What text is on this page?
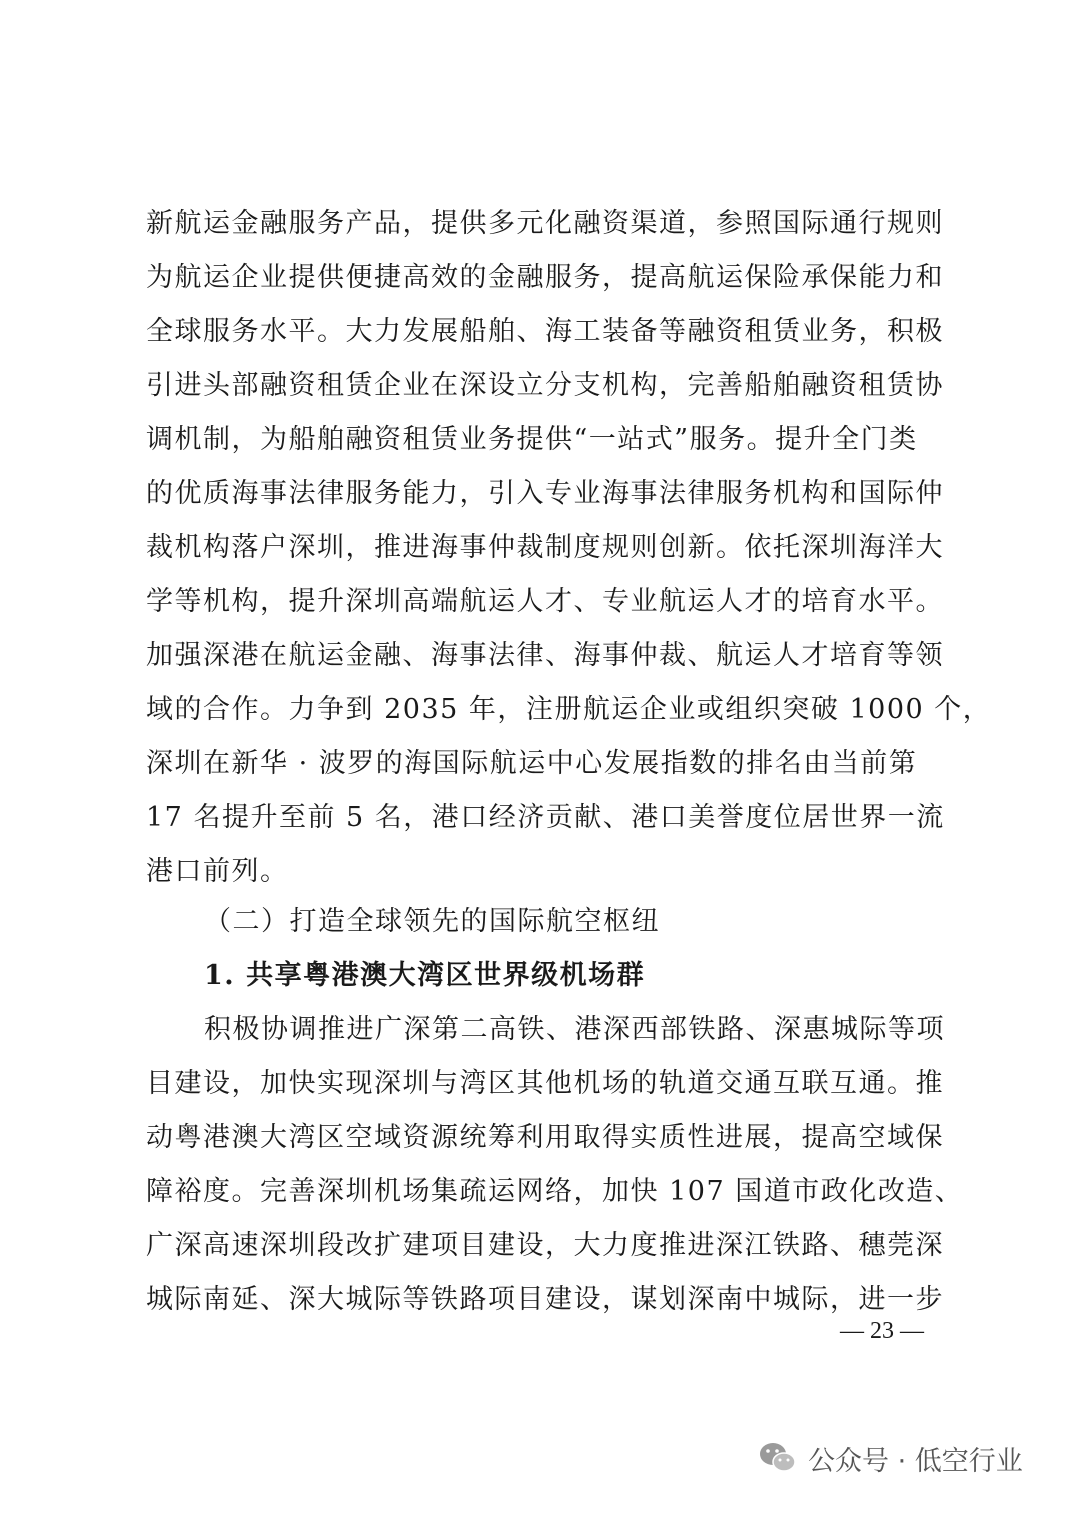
新航运金融服务产品，提供多元化融资渠道，参照国际通行规则
为航运企业提供便捷高效的金融服务，提高航运保险承保能力和
全球服务水平。大力发展船舶、海工装备等融资租赁业务，积极
引进头部融资租赁企业在深设立分支机构，完善船舶融资租赁协
调机制，为船舶融资租赁业务提供“一站式”服务。提升全门类
的优质海事法律服务能力，引入专业海事法律服务机构和国际仲
裁机构落户深圳，推进海事仲裁制度规则创新。依托深圳海洋大
学等机构，提升深圳高端航运人才、专业航运人才的培育水平。
加强深港在航运金融、海事法律、海事仲裁、航运人才培育等领
域的合作。力争到 2035 年，注册航运企业或组织突破 1000 个，
深圳在新华 · 波罗的海国际航运中心发展指数的排名由当前第
17 名提升至前 5 名，港口经济贡献、港口美誉度位居世界一流
港口前列。
（二）打造全球领先的国际航空枢纽
1. 共享粤港澳大湾区世界级机场群
积极协调推进广深第二高铁、港深西部铁路、深惠城际等项
目建设，加快实现深圳与湾区其他机场的轨道交通互联互通。推
动粤港澳大湾区空域资源统筹利用取得实质性进展，提高空域保
障裕度。完善深圳机场集疏运网络，加快 107 国道市政化改造、
广深高速深圳段改扩建项目建设，大力度推进深江铁路、穗莞深
城际南延、深大城际等铁路项目建设，谋划深南中城际，进一步
— 23 —
公众号 · 低空行业
